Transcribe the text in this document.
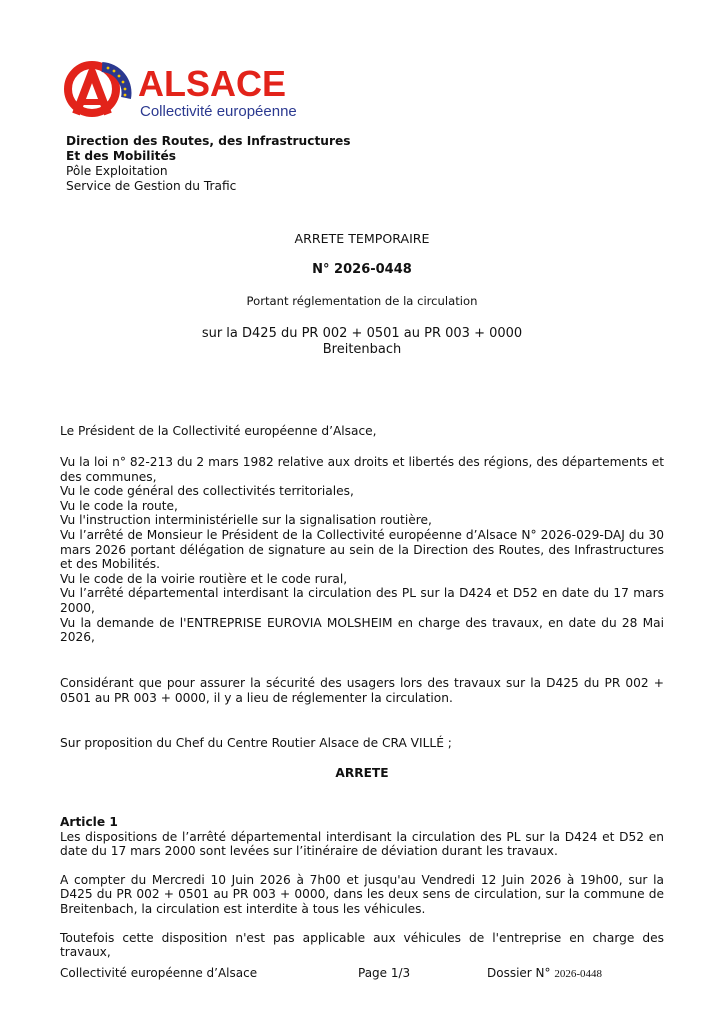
ALSACE
Collectivité européenne
Direction des Routes, des Infrastructures
Et des Mobilités
Pôle Exploitation
Service de Gestion du Trafic
ARRETE TEMPORAIRE
N° 2026-0448
Portant réglementation de la circulation
sur la D425 du PR 002 + 0501 au PR 003 + 0000
Breitenbach
Le Président de la Collectivité européenne d’Alsace,

Vu la loi n° 82-213 du 2 mars 1982 relative aux droits et libertés des régions, des départements et des communes,

Vu le code général des collectivités territoriales,

Vu le code la route,

Vu l'instruction interministérielle sur la signalisation routière,

Vu l’arrêté de Monsieur le Président de la Collectivité européenne d’Alsace N° 2026-029-DAJ du 30 mars 2026 portant délégation de signature au sein de la Direction des Routes, des Infrastructures et des Mobilités.

Vu le code de la voirie routière et le code rural,

Vu l’arrêté départemental interdisant la circulation des PL sur la D424 et D52 en date du 17 mars 2000,

Vu la demande de l'ENTREPRISE EUROVIA MOLSHEIM en charge des travaux, en date du 28 Mai 2026,

Considérant que pour assurer la sécurité des usagers lors des travaux sur la D425 du PR 002 + 0501 au PR 003 + 0000, il y a lieu de réglementer la circulation.
Sur proposition du Chef du Centre Routier Alsace de CRA VILLÉ ;
ARRETE
Article 1

Les dispositions de l’arrêté départemental interdisant la circulation des PL sur la D424 et D52 en date du 17 mars 2000 sont levées sur l’itinéraire de déviation durant les travaux.

A compter du Mercredi 10 Juin 2026 à 7h00 et jusqu'au Vendredi 12 Juin 2026 à 19h00, sur la D425 du PR 002 + 0501 au PR 003 + 0000, dans les deux sens de circulation, sur la commune de Breitenbach, la circulation est interdite à tous les véhicules.

Toutefois cette disposition n'est pas applicable aux véhicules de l'entreprise en charge des travaux,

Collectivité européenne d’Alsace	Page 1/3	Dossier N° 2026-0448
